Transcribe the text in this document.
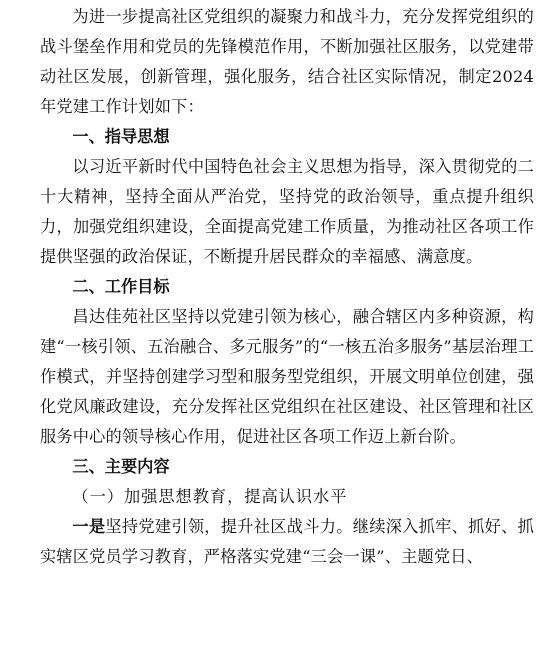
为进一步提高社区党组织的凝聚力和战斗力，充分发挥党组织的战斗堡垒作用和党员的先锋模范作用，不断加强社区服务，以党建带动社区发展，创新管理，强化服务，结合社区实际情况，制定2024年党建工作计划如下：

一、指导思想

以习近平新时代中国特色社会主义思想为指导，深入贯彻党的二十大精神，坚持全面从严治党，坚持党的政治领导，重点提升组织力，加强党组织建设，全面提高党建工作质量，为推动社区各项工作提供坚强的政治保证，不断提升居民群众的幸福感、满意度。

二、工作目标

昌达佳苑社区坚持以党建引领为核心，融合辖区内多种资源，构建“一核引领、五治融合、多元服务”的“一核五治多服务”基层治理工作模式，并坚持创建学习型和服务型党组织，开展文明单位创建，强化党风廉政建设，充分发挥社区党组织在社区建设、社区管理和社区服务中心的领导核心作用，促进社区各项工作迈上新台阶。

三、主要内容

（一）加强思想教育，提高认识水平

一是坚持党建引领，提升社区战斗力。继续深入抓牢、抓好、抓实辖区党员学习教育，严格落实党建“三会一课”、主题党日、
